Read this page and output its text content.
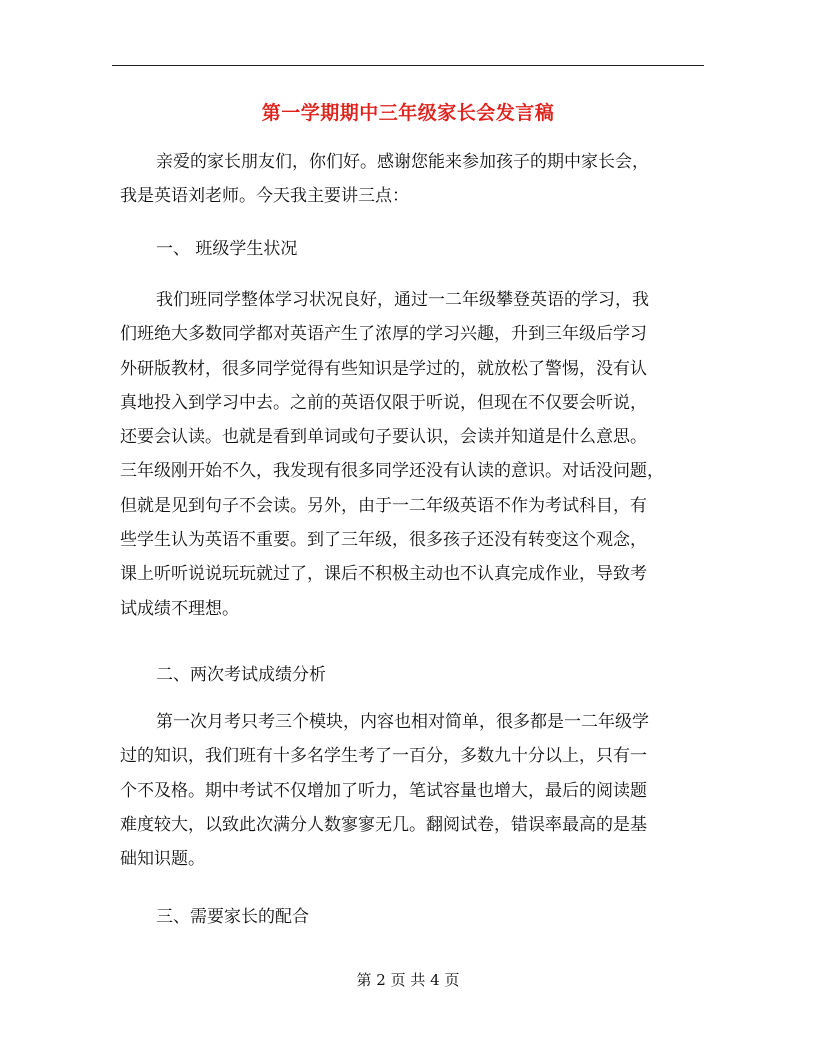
第一学期期中三年级家长会发言稿
亲爱的家长朋友们，你们好。感谢您能来参加孩子的期中家长会，
我是英语刘老师。今天我主要讲三点：
一、 班级学生状况
我们班同学整体学习状况良好，通过一二年级攀登英语的学习，我
们班绝大多数同学都对英语产生了浓厚的学习兴趣，升到三年级后学习
外研版教材，很多同学觉得有些知识是学过的，就放松了警惕，没有认
真地投入到学习中去。之前的英语仅限于听说，但现在不仅要会听说，
还要会认读。也就是看到单词或句子要认识，会读并知道是什么意思。
三年级刚开始不久，我发现有很多同学还没有认读的意识。对话没问题，
但就是见到句子不会读。另外，由于一二年级英语不作为考试科目，有
些学生认为英语不重要。到了三年级，很多孩子还没有转变这个观念，
课上听听说说玩玩就过了，课后不积极主动也不认真完成作业，导致考
试成绩不理想。
二、两次考试成绩分析
第一次月考只考三个模块，内容也相对简单，很多都是一二年级学
过的知识，我们班有十多名学生考了一百分，多数九十分以上，只有一
个不及格。期中考试不仅增加了听力，笔试容量也增大，最后的阅读题
难度较大，以致此次满分人数寥寥无几。翻阅试卷，错误率最高的是基
础知识题。
三、需要家长的配合
第 2 页 共 4 页
